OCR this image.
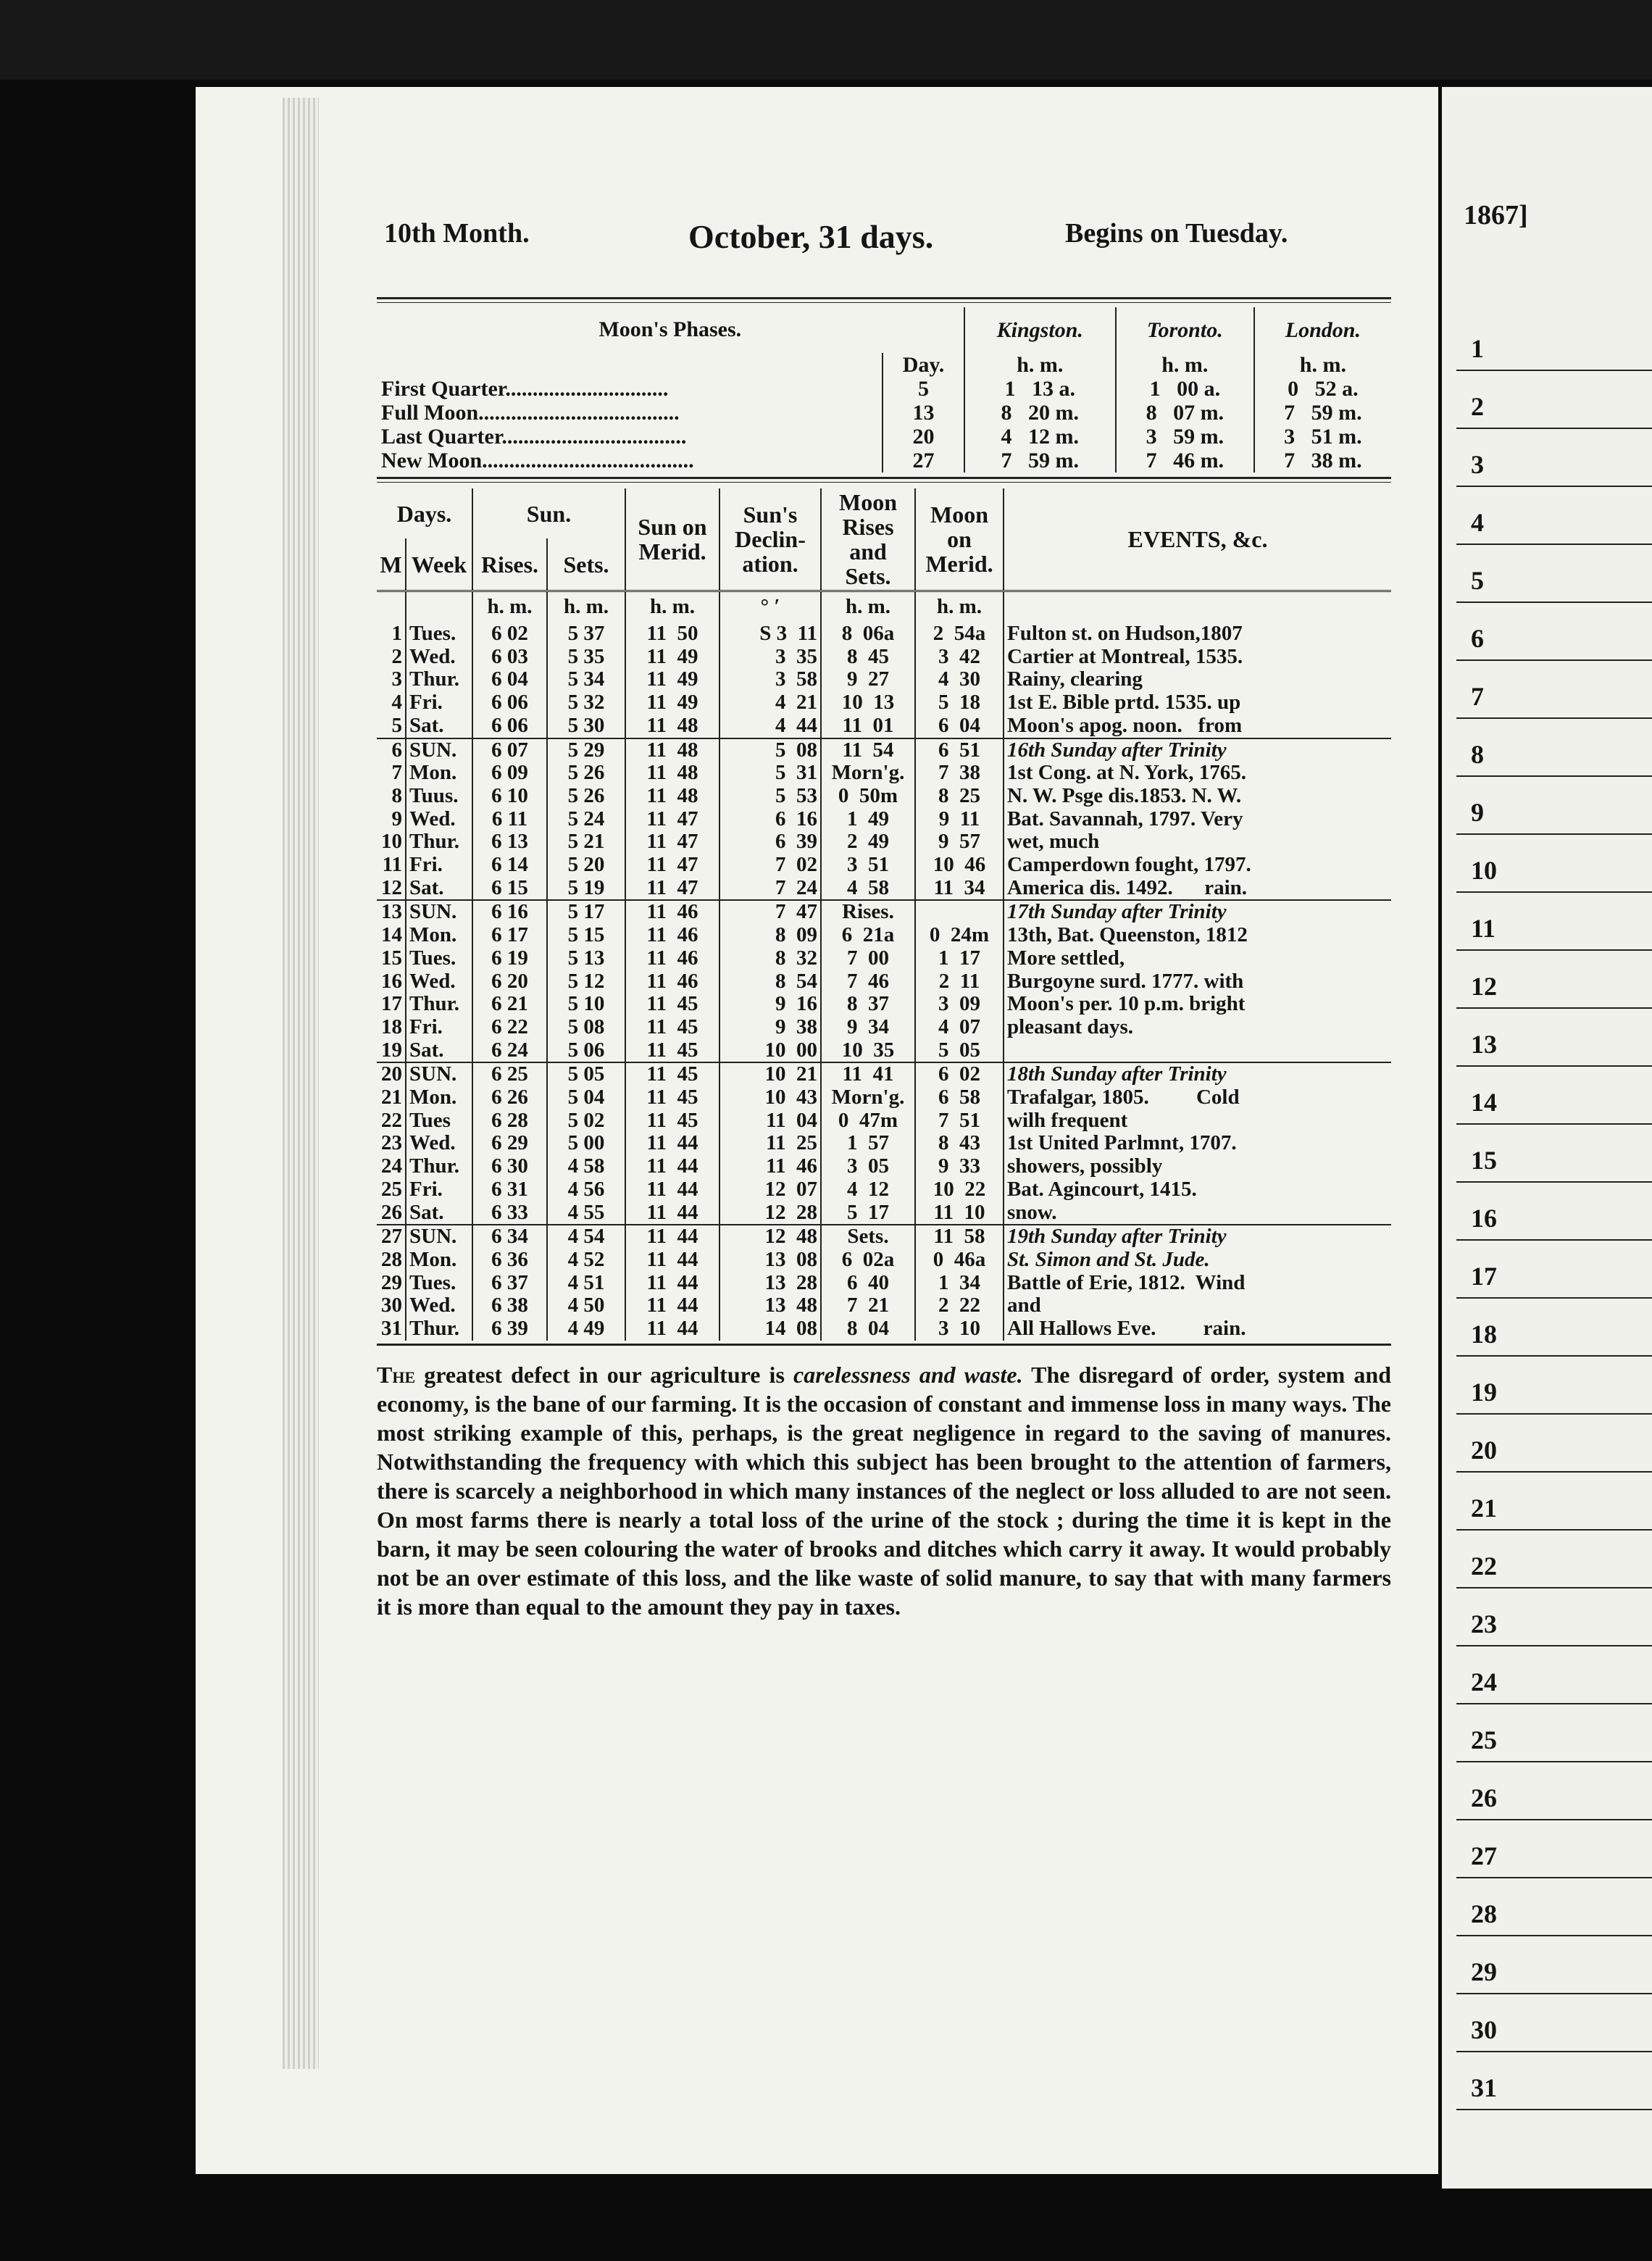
10th Month.	October, 31 days.	Begins on Tuesday.
Moon's Phases.		Kingston.	Toronto.	London.
	Day.	h. m.	h. m.	h. m.
First Quarter..............................	5	1   13 a.	1   00 a.	0   52 a.
Full Moon.....................................	13	8   20 m.	8   07 m.	7   59 m.
Last Quarter..................................	20	4   12 m.	3   59 m.	3   51 m.
New Moon.......................................	27	7   59 m.	7   46 m.	7   38 m.
Days.		Sun.		Sun on Merid.	Sun's Declin-ation.	Moon Rises and Sets.	Moon on Merid.	EVENTS, &c.
M	Week	Rises.	Sets.					
		h. m.	h. m.	h. m.	° ′	h. m.	h. m.	
1	Tues.	6 02	5 37	11  50	S 3  11	8  06a	2  54a	Fulton st. on Hudson,1807
2	Wed.	6 03	5 35	11  49	3  35	8  45	3  42	Cartier at Montreal, 1535.
3	Thur.	6 04	5 34	11  49	3  58	9  27	4  30	Rainy, clearing
4	Fri.	6 06	5 32	11  49	4  21	10  13	5  18	1st E. Bible prtd. 1535. up
5	Sat.	6 06	5 30	11  48	4  44	11  01	6  04	Moon's apog. noon.   from
6	SUN.	6 07	5 29	11  48	5  08	11  54	6  51	16th Sunday after Trinity
7	Mon.	6 09	5 26	11  48	5  31	Morn'g.	7  38	1st Cong. at N. York, 1765.
8	Tuus.	6 10	5 26	11  48	5  53	0  50m	8  25	N. W. Psge dis.1853. N. W.
9	Wed.	6 11	5 24	11  47	6  16	1  49	9  11	Bat. Savannah, 1797. Very
10	Thur.	6 13	5 21	11  47	6  39	2  49	9  57	wet, much
11	Fri.	6 14	5 20	11  47	7  02	3  51	10  46	Camperdown fought, 1797.
12	Sat.	6 15	5 19	11  47	7  24	4  58	11  34	America dis. 1492.      rain.
13	SUN.	6 16	5 17	11  46	7  47	Rises.		17th Sunday after Trinity
14	Mon.	6 17	5 15	11  46	8  09	6  21a	0  24m	13th, Bat. Queenston, 1812
15	Tues.	6 19	5 13	11  46	8  32	7  00	1  17	More settled,
16	Wed.	6 20	5 12	11  46	8  54	7  46	2  11	Burgoyne surd. 1777. with
17	Thur.	6 21	5 10	11  45	9  16	8  37	3  09	Moon's per. 10 p.m. bright
18	Fri.	6 22	5 08	11  45	9  38	9  34	4  07	pleasant days.
19	Sat.	6 24	5 06	11  45	10  00	10  35	5  05	
20	SUN.	6 25	5 05	11  45	10  21	11  41	6  02	18th Sunday after Trinity
21	Mon.	6 26	5 04	11  45	10  43	Morn'g.	6  58	Trafalgar, 1805.         Cold
22	Tues	6 28	5 02	11  45	11  04	0  47m	7  51	wilh frequent
23	Wed.	6 29	5 00	11  44	11  25	1  57	8  43	1st United Parlmnt, 1707.
24	Thur.	6 30	4 58	11  44	11  46	3  05	9  33	showers, possibly
25	Fri.	6 31	4 56	11  44	12  07	4  12	10  22	Bat. Agincourt, 1415.
26	Sat.	6 33	4 55	11  44	12  28	5  17	11  10	snow.
27	SUN.	6 34	4 54	11  44	12  48	Sets.	11  58	19th Sunday after Trinity
28	Mon.	6 36	4 52	11  44	13  08	6  02a	0  46a	St. Simon and St. Jude.
29	Tues.	6 37	4 51	11  44	13  28	6  40	1  34	Battle of Erie, 1812.  Wind
30	Wed.	6 38	4 50	11  44	13  48	7  21	2  22	and
31	Thur.	6 39	4 49	11  44	14  08	8  04	3  10	All Hallows Eve.         rain.

The greatest defect in our agriculture is carelessness and waste. The disregard of order, system and economy, is the bane of our farming. It is the occasion of constant and immense loss in many ways. The most striking example of this, perhaps, is the great negligence in regard to the saving of manures. Notwithstanding the frequency with which this subject has been brought to the attention of farmers, there is scarcely a neighborhood in which many instances of the neglect or loss alluded to are not seen. On most farms there is nearly a total loss of the urine of the stock ; during the time it is kept in the barn, it may be seen colouring the water of brooks and ditches which carry it away. It would probably not be an over estimate of this loss, and the like waste of solid manure, to say that with many farmers it is more than equal to the amount they pay in taxes.

1867]
1
2
3
4
5
6
7
8
9
10
11
12
13
14
15
16
17
18
19
20
21
22
23
24
25
26
27
28
29
30
31
